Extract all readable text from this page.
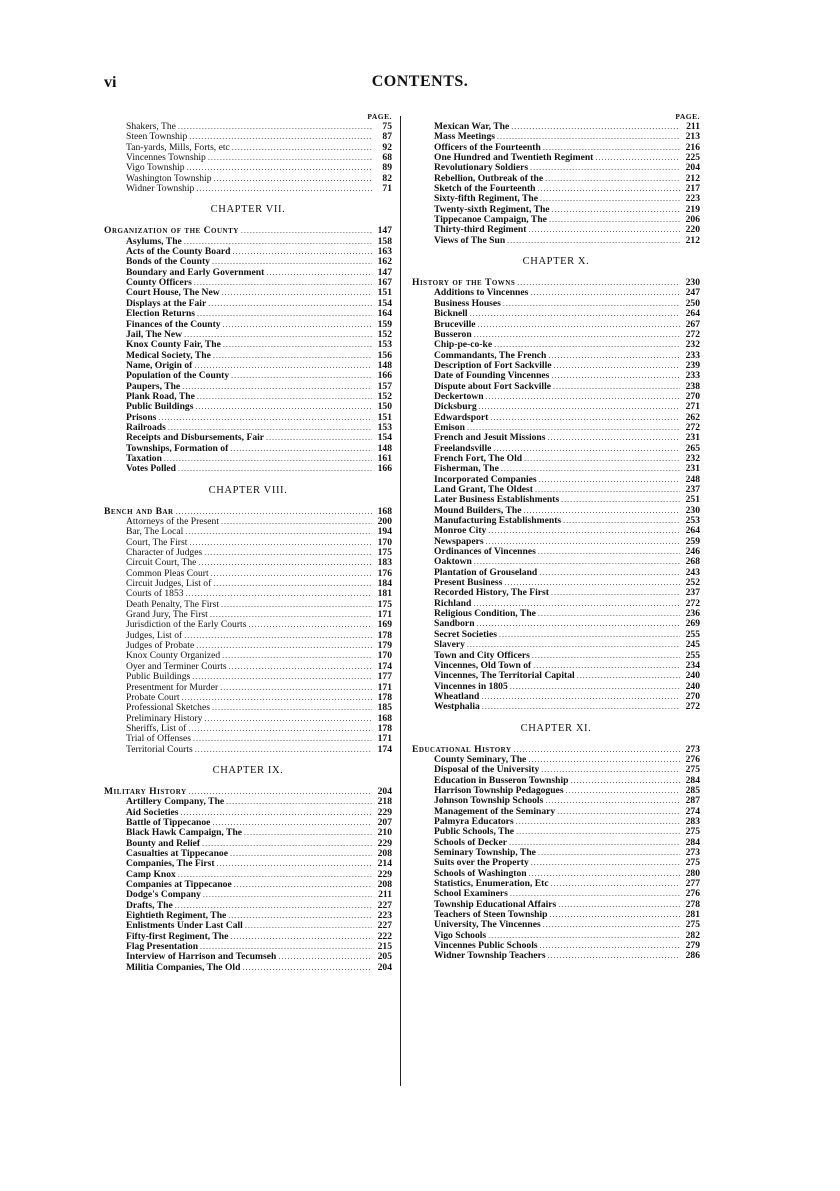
vi	CONTENTS.
PAGE.
Shakers, The .....	75
Steen Township .....	87
Tan-yards, Mills, Forts, etc .....	92
Vincennes Township .....	68
Vigo Township .....	89
Washington Township .....	82
Widner Township .....	71
CHAPTER VII.
Organization of the County .....	147
Asylums, The .....	158
Acts of the County Board .....	163
Bonds of the County .....	162
Boundary and Early Government .....	147
County Officers .....	167
Court House, The New .....	151
Displays at the Fair .....	154
Election Returns .....	164
Finances of the County .....	159
Jail, The New .....	152
Knox County Fair, The .....	153
Medical Society, The .....	156
Name, Origin of .....	148
Population of the County .....	166
Paupers, The .....	157
Plank Road, The .....	152
Public Buildings .....	150
Prisons .....	151
Railroads .....	153
Receipts and Disbursements, Fair .....	154
Townships, Formation of .....	148
Taxation .....	161
Votes Polled .....	166
CHAPTER VIII.
Bench and Bar .....	168
Attorneys of the Present .....	200
Bar, The Local .....	194
Court, The First .....	170
Character of Judges .....	175
Circuit Court, The .....	183
Common Pleas Court .....	176
Circuit Judges, List of .....	184
Courts of 1853 .....	181
Death Penalty, The First .....	175
Grand Jury, The First .....	171
Jurisdiction of the Early Courts .....	169
Judges, List of .....	178
Judges of Probate .....	179
Knox County Organized .....	170
Oyer and Terminer Courts .....	174
Public Buildings .....	177
Presentment for Murder .....	171
Probate Court .....	178
Professional Sketches .....	185
Preliminary History .....	168
Sheriffs, List of .....	178
Trial of Offenses .....	171
Territorial Courts .....	174
CHAPTER IX.
Military History .....	204
Artillery Company, The .....	218
Aid Societies .....	229
Battle of Tippecanoe .....	207
Black Hawk Campaign, The .....	210
Bounty and Relief .....	229
Casualties at Tippecanoe .....	208
Companies, The First .....	214
Camp Knox .....	229
Companies at Tippecanoe .....	208
Dodge's Company .....	211
Drafts, The .....	227
Eightieth Regiment, The .....	223
Enlistments Under Last Call .....	227
Fifty-first Regiment, The .....	222
Flag Presentation .....	215
Interview of Harrison and Tecumseh .....	205
Militia Companies, The Old .....	204
PAGE.
Mexican War, The .....	211
Mass Meetings .....	213
Officers of the Fourteenth .....	216
One Hundred and Twentieth Regiment .....	225
Revolutionary Soldiers .....	204
Rebellion, Outbreak of the .....	212
Sketch of the Fourteenth .....	217
Sixty-fifth Regiment, The .....	223
Twenty-sixth Regiment, The .....	219
Tippecanoe Campaign, The .....	206
Thirty-third Regiment .....	220
Views of The Sun .....	212
CHAPTER X.
History of the Towns .....	230
Additions to Vincennes .....	247
Business Houses .....	250
Bicknell .....	264
Bruceville .....	267
Busseron .....	272
Chip-pe-co-ke .....	232
Commandants, The French .....	233
Description of Fort Sackville .....	239
Date of Founding Vincennes .....	233
Dispute about Fort Sackville .....	238
Deckertown .....	270
Dicksburg .....	271
Edwardsport .....	262
Emison .....	272
French and Jesuit Missions .....	231
Freelandsville .....	265
French Fort, The Old .....	232
Fisherman, The .....	231
Incorporated Companies .....	248
Land Grant, The Oldest .....	237
Later Business Establishments .....	251
Mound Builders, The .....	230
Manufacturing Establishments .....	253
Monroe City .....	264
Newspapers .....	259
Ordinances of Vincennes .....	246
Oaktown .....	268
Plantation of Grouseland .....	243
Present Business .....	252
Recorded History, The First .....	237
Richland .....	272
Religious Condition, The .....	236
Sandborn .....	269
Secret Societies .....	255
Slavery .....	245
Town and City Officers .....	255
Vincennes, Old Town of .....	234
Vincennes, The Territorial Capital .....	240
Vincennes in 1805 .....	240
Wheatland .....	270
Westphalia .....	272
CHAPTER XI.
Educational History .....	273
County Seminary, The .....	276
Disposal of the University .....	275
Education in Busseron Township .....	284
Harrison Township Pedagogues .....	285
Johnson Township Schools .....	287
Management of the Seminary .....	274
Palmyra Educators .....	283
Public Schools, The .....	275
Schools of Decker .....	284
Seminary Township, The .....	273
Suits over the Property .....	275
Schools of Washington .....	280
Statistics, Enumeration, Etc .....	277
School Examiners .....	276
Township Educational Affairs .....	278
Teachers of Steen Township .....	281
University, The Vincennes .....	275
Vigo Schools .....	282
Vincennes Public Schools .....	279
Widner Township Teachers .....	286
